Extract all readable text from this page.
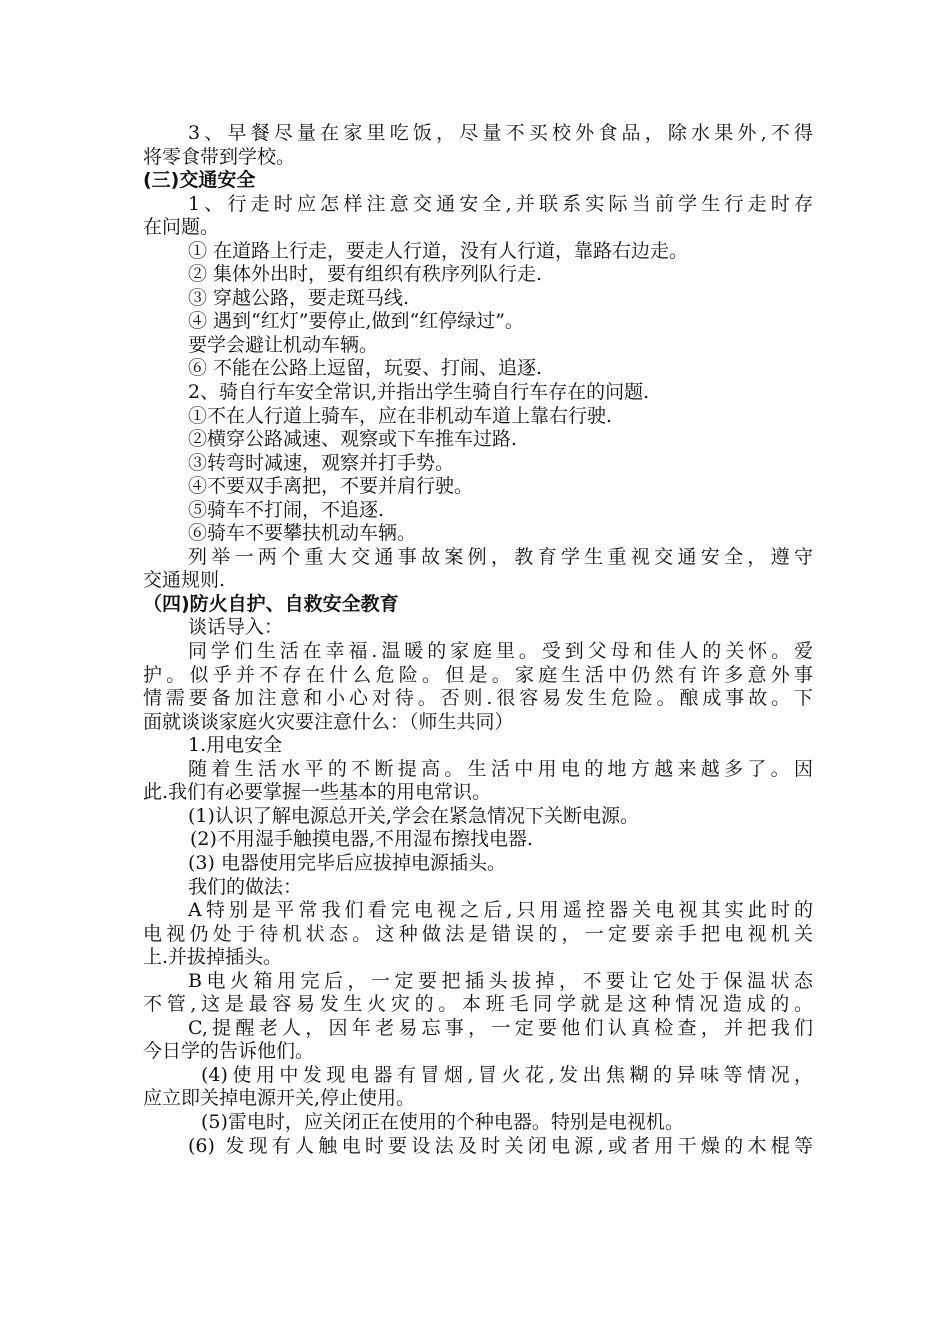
3、早餐尽量在家里吃饭，尽量不买校外食品，除水果外,不得
将零食带到学校。
(三)交通安全
1、行走时应怎样注意交通安全,并联系实际当前学生行走时存
在问题。
① 在道路上行走，要走人行道，没有人行道，靠路右边走。
② 集体外出时，要有组织有秩序列队行走.
③ 穿越公路，要走斑马线.
④ 遇到“红灯”要停止,做到“红停绿过”。
要学会避让机动车辆。
⑥ 不能在公路上逗留，玩耍、打闹、追逐.
2、骑自行车安全常识,并指出学生骑自行车存在的问题.
①不在人行道上骑车，应在非机动车道上靠右行驶.
②横穿公路减速、观察或下车推车过路.
③转弯时减速，观察并打手势。
④不要双手离把，不要并肩行驶。
⑤骑车不打闹，不追逐.
⑥骑车不要攀扶机动车辆。
列举一两个重大交通事故案例，教育学生重视交通安全，遵守
交通规则.
（四)防火自护、自救安全教育
谈话导入：
同学们生活在幸福.温暖的家庭里。受到父母和佳人的关怀。爱
护。似乎并不存在什么危险。但是。家庭生活中仍然有许多意外事
情需要备加注意和小心对待。否则.很容易发生危险。酿成事故。下
面就谈谈家庭火灾要注意什么：（师生共同）
1.用电安全
随着生活水平的不断提高。生活中用电的地方越来越多了。因
此.我们有必要掌握一些基本的用电常识。
(1)认识了解电源总开关,学会在紧急情况下关断电源。
(2)不用湿手触摸电器,不用湿布擦找电器.
(3) 电器使用完毕后应拔掉电源插头。
我们的做法：
A特别是平常我们看完电视之后,只用遥控器关电视其实此时的
电视仍处于待机状态。这种做法是错误的，一定要亲手把电视机关
上.并拔掉插头。
B电火箱用完后，一定要把插头拔掉，不要让它处于保温状态
不管,这是最容易发生火灾的。本班毛同学就是这种情况造成的。
C,提醒老人，因年老易忘事，一定要他们认真检查，并把我们
今日学的告诉他们。
(4)使用中发现电器有冒烟,冒火花,发出焦糊的异味等情况，
应立即关掉电源开关,停止使用。
(5)雷电时，应关闭正在使用的个种电器。特别是电视机。
(6) 发现有人触电时要设法及时关闭电源,或者用干燥的木棍等
